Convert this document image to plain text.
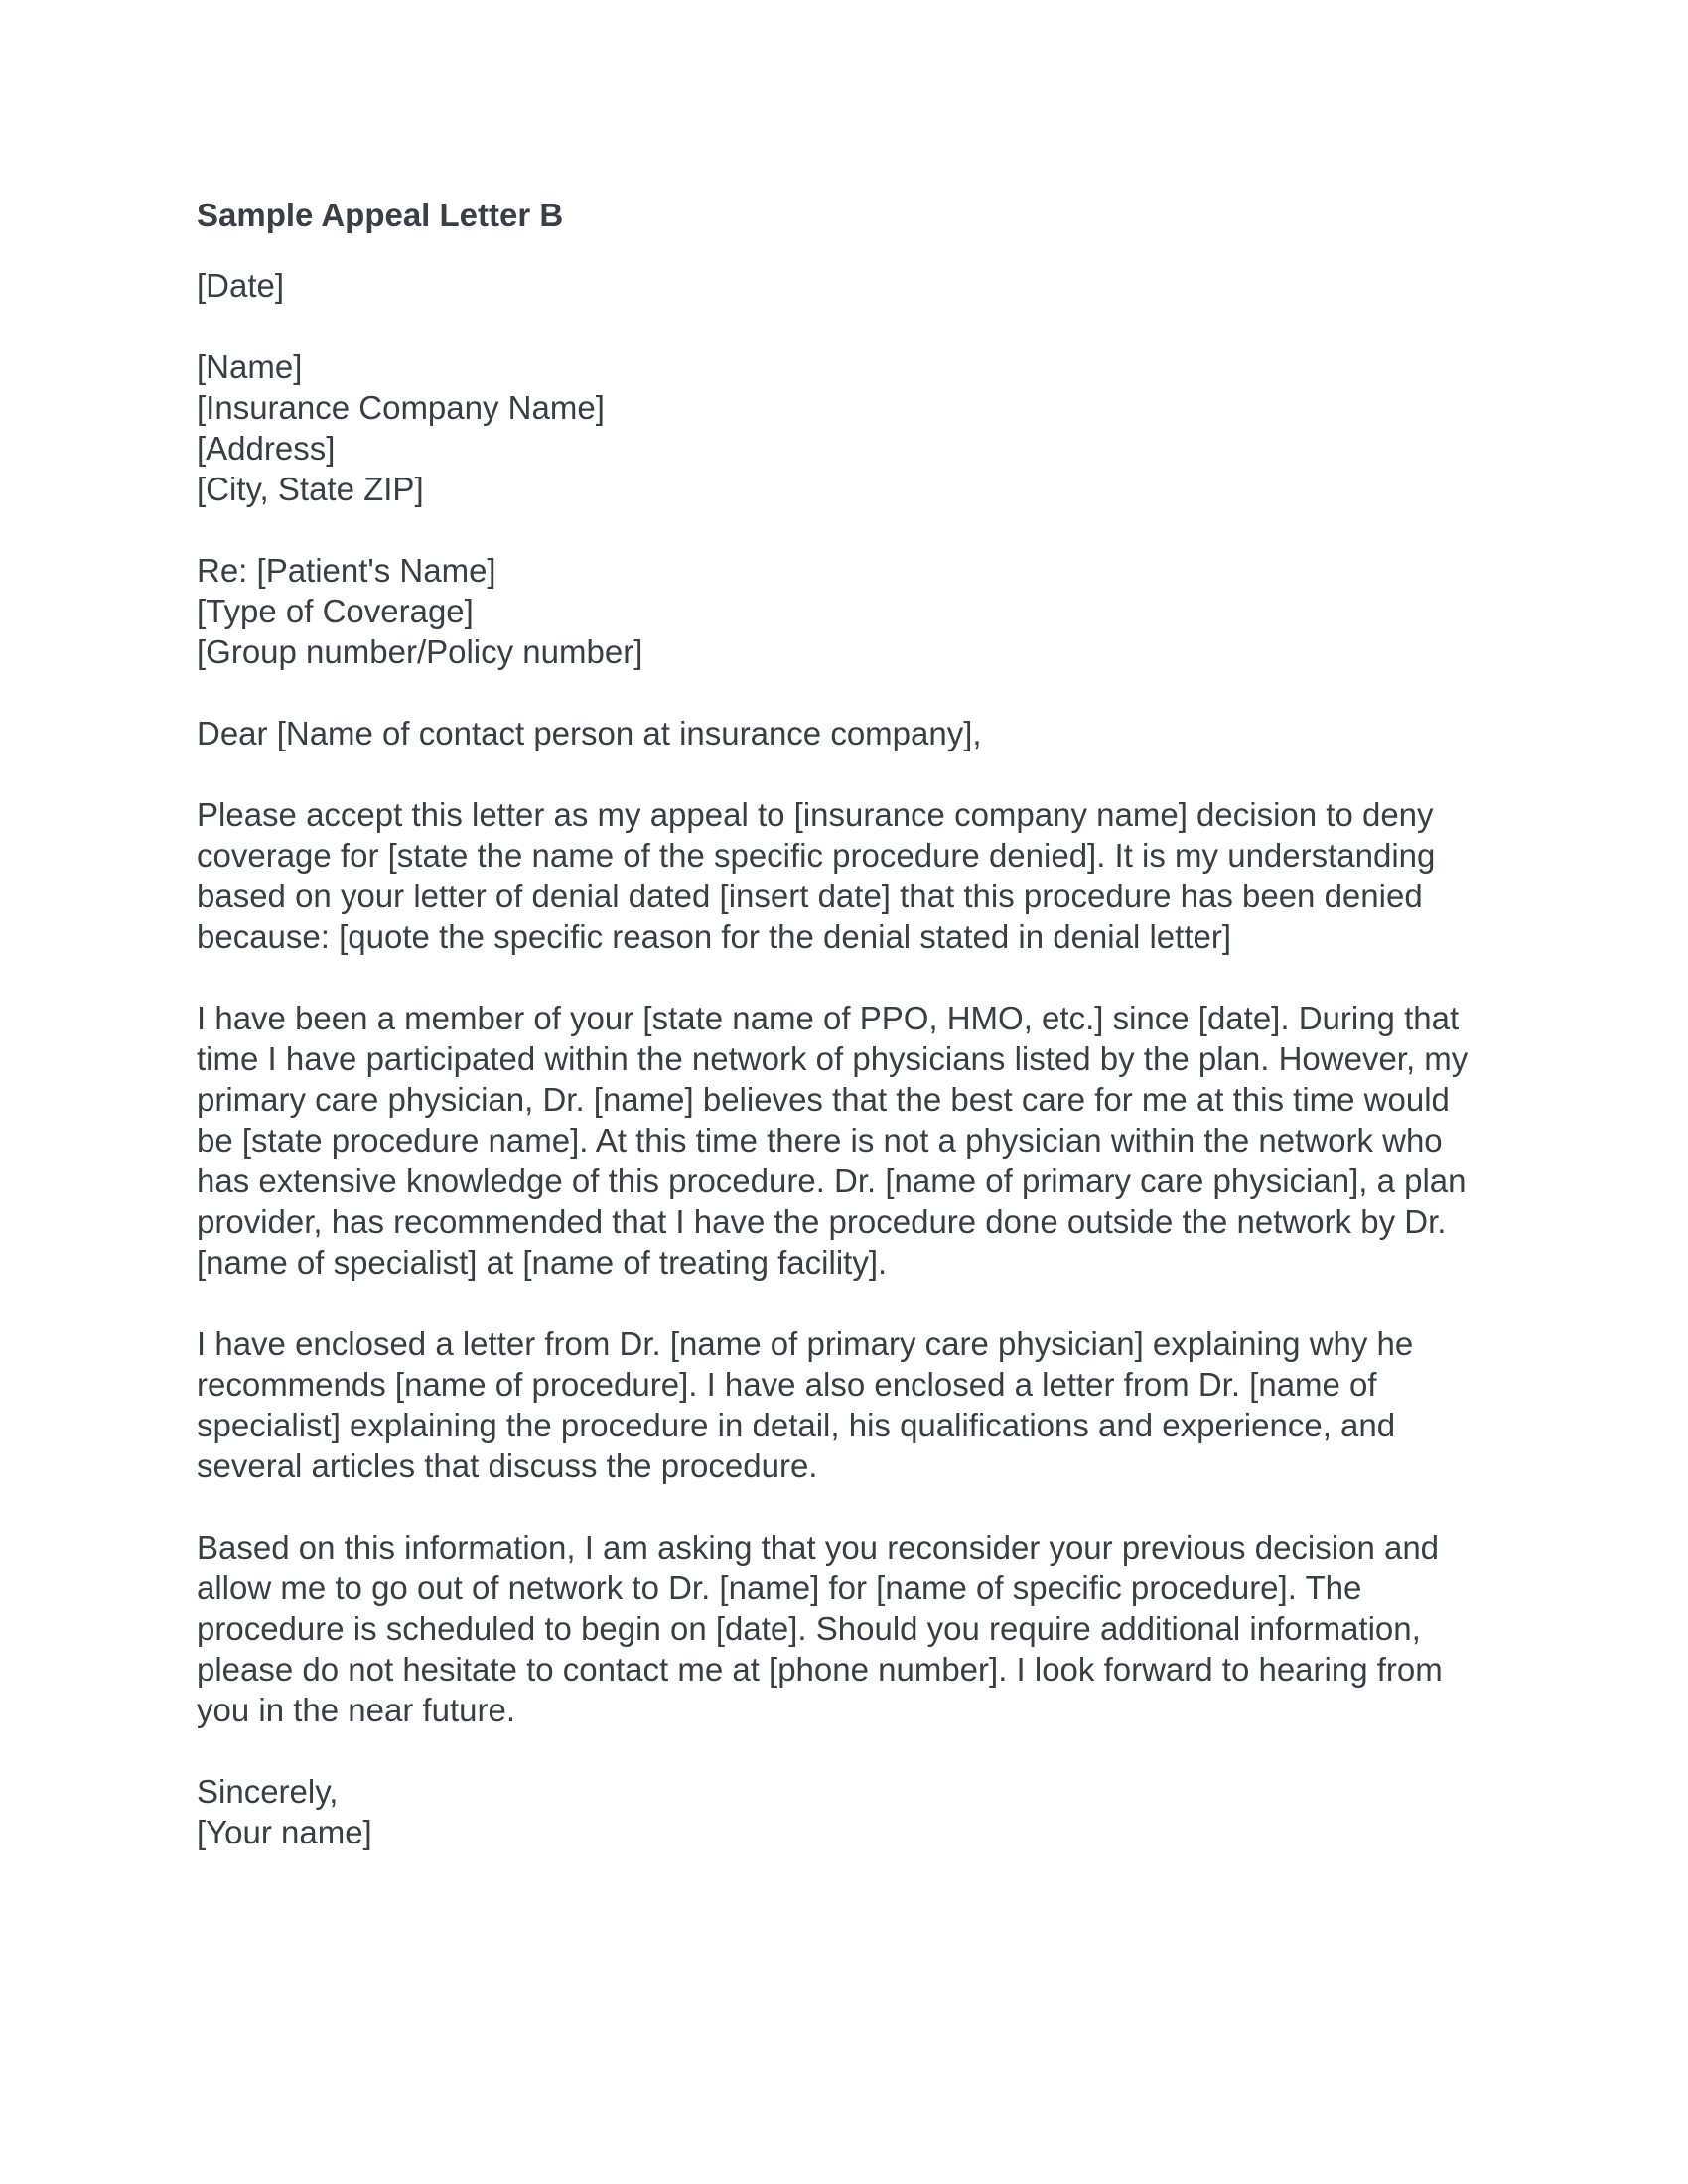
Sample Appeal Letter B
[Date]
[Name]
[Insurance Company Name]
[Address]
[City, State ZIP]
Re: [Patient's Name]
[Type of Coverage]
[Group number/Policy number]
Dear [Name of contact person at insurance company],
Please accept this letter as my appeal to [insurance company name] decision to deny
coverage for [state the name of the specific procedure denied]. It is my understanding
based on your letter of denial dated [insert date] that this procedure has been denied
because: [quote the specific reason for the denial stated in denial letter]
I have been a member of your [state name of PPO, HMO, etc.] since [date]. During that
time I have participated within the network of physicians listed by the plan. However, my
primary care physician, Dr. [name] believes that the best care for me at this time would
be [state procedure name]. At this time there is not a physician within the network who
has extensive knowledge of this procedure. Dr. [name of primary care physician], a plan
provider, has recommended that I have the procedure done outside the network by Dr.
[name of specialist] at [name of treating facility].
I have enclosed a letter from Dr. [name of primary care physician] explaining why he
recommends [name of procedure]. I have also enclosed a letter from Dr. [name of
specialist] explaining the procedure in detail, his qualifications and experience, and
several articles that discuss the procedure.
Based on this information, I am asking that you reconsider your previous decision and
allow me to go out of network to Dr. [name] for [name of specific procedure]. The
procedure is scheduled to begin on [date]. Should you require additional information,
please do not hesitate to contact me at [phone number]. I look forward to hearing from
you in the near future.
Sincerely,
[Your name]
